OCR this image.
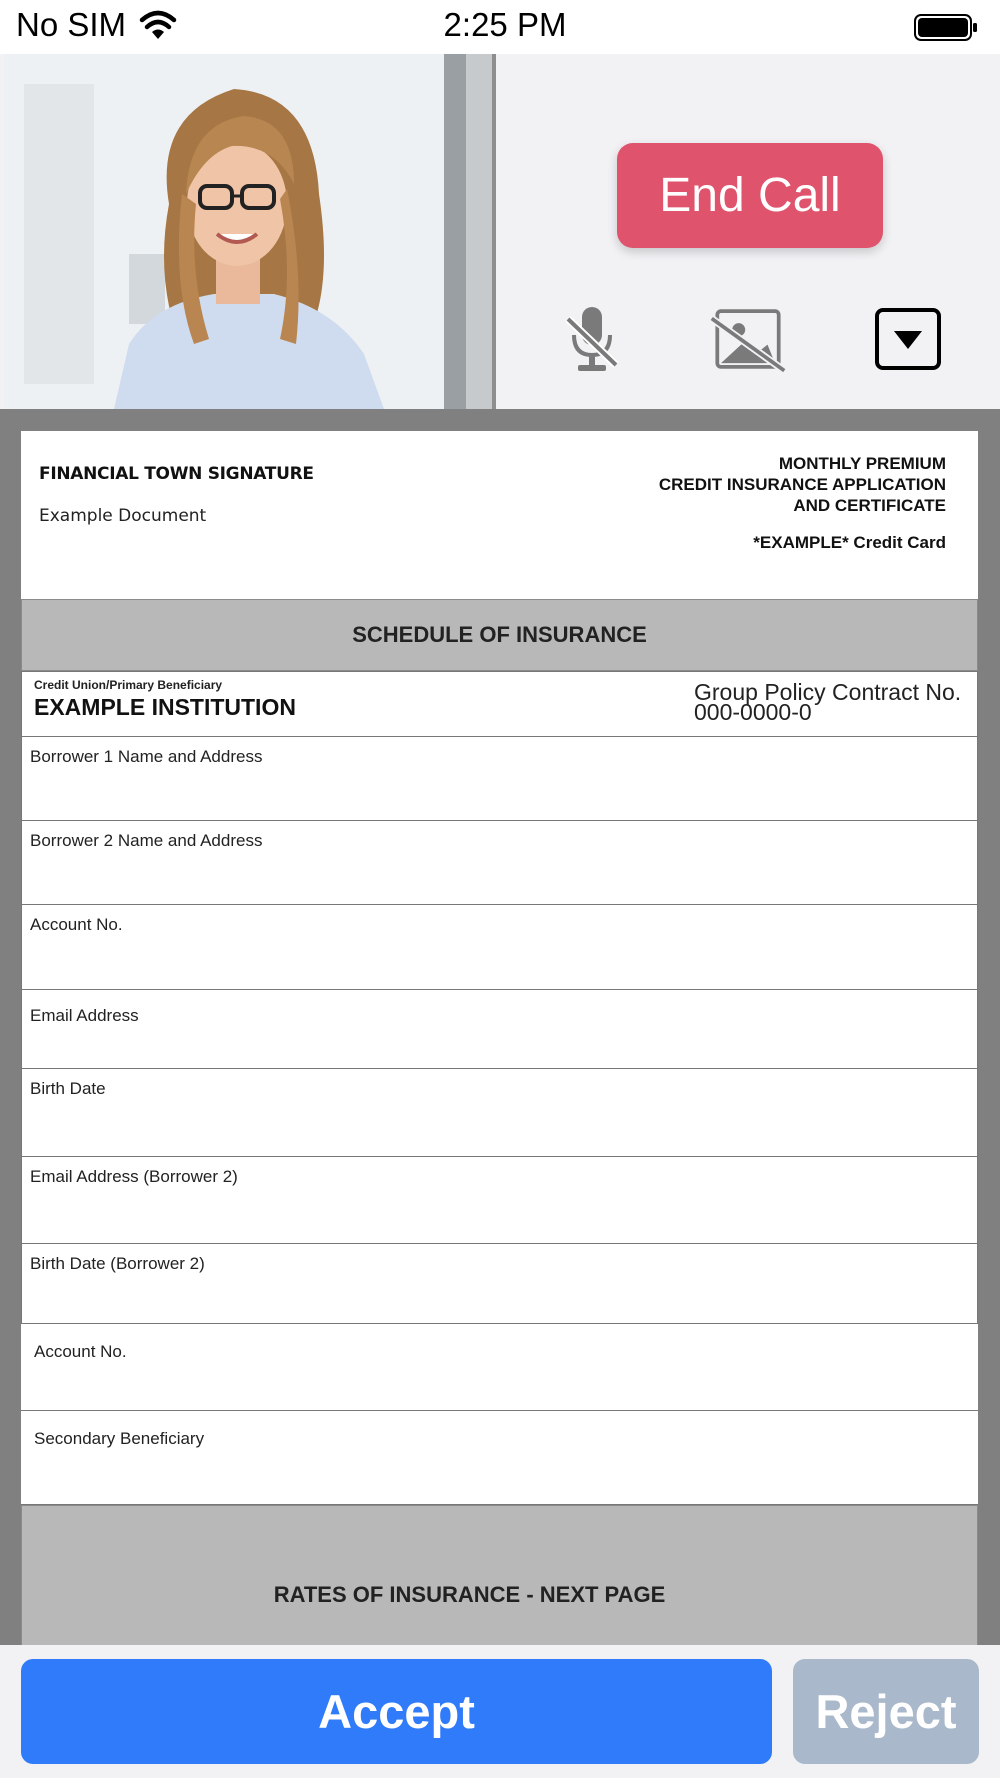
No SIM	2:25 PM
End Call
FINANCIAL TOWN SIGNATURE
Example Document
MONTHLY PREMIUM
CREDIT INSURANCE APPLICATION
AND CERTIFICATE
*EXAMPLE* Credit Card
SCHEDULE OF INSURANCE
Credit Union/Primary Beneficiary
EXAMPLE INSTITUTION
Group Policy Contract No.
000-0000-0
Borrower 1 Name and Address
Borrower 2 Name and Address
Account No.
Email Address
Birth Date
Email Address (Borrower 2)
Birth Date (Borrower 2)
Account No.
Secondary Beneficiary
RATES OF INSURANCE - NEXT PAGE
Accept	Reject
